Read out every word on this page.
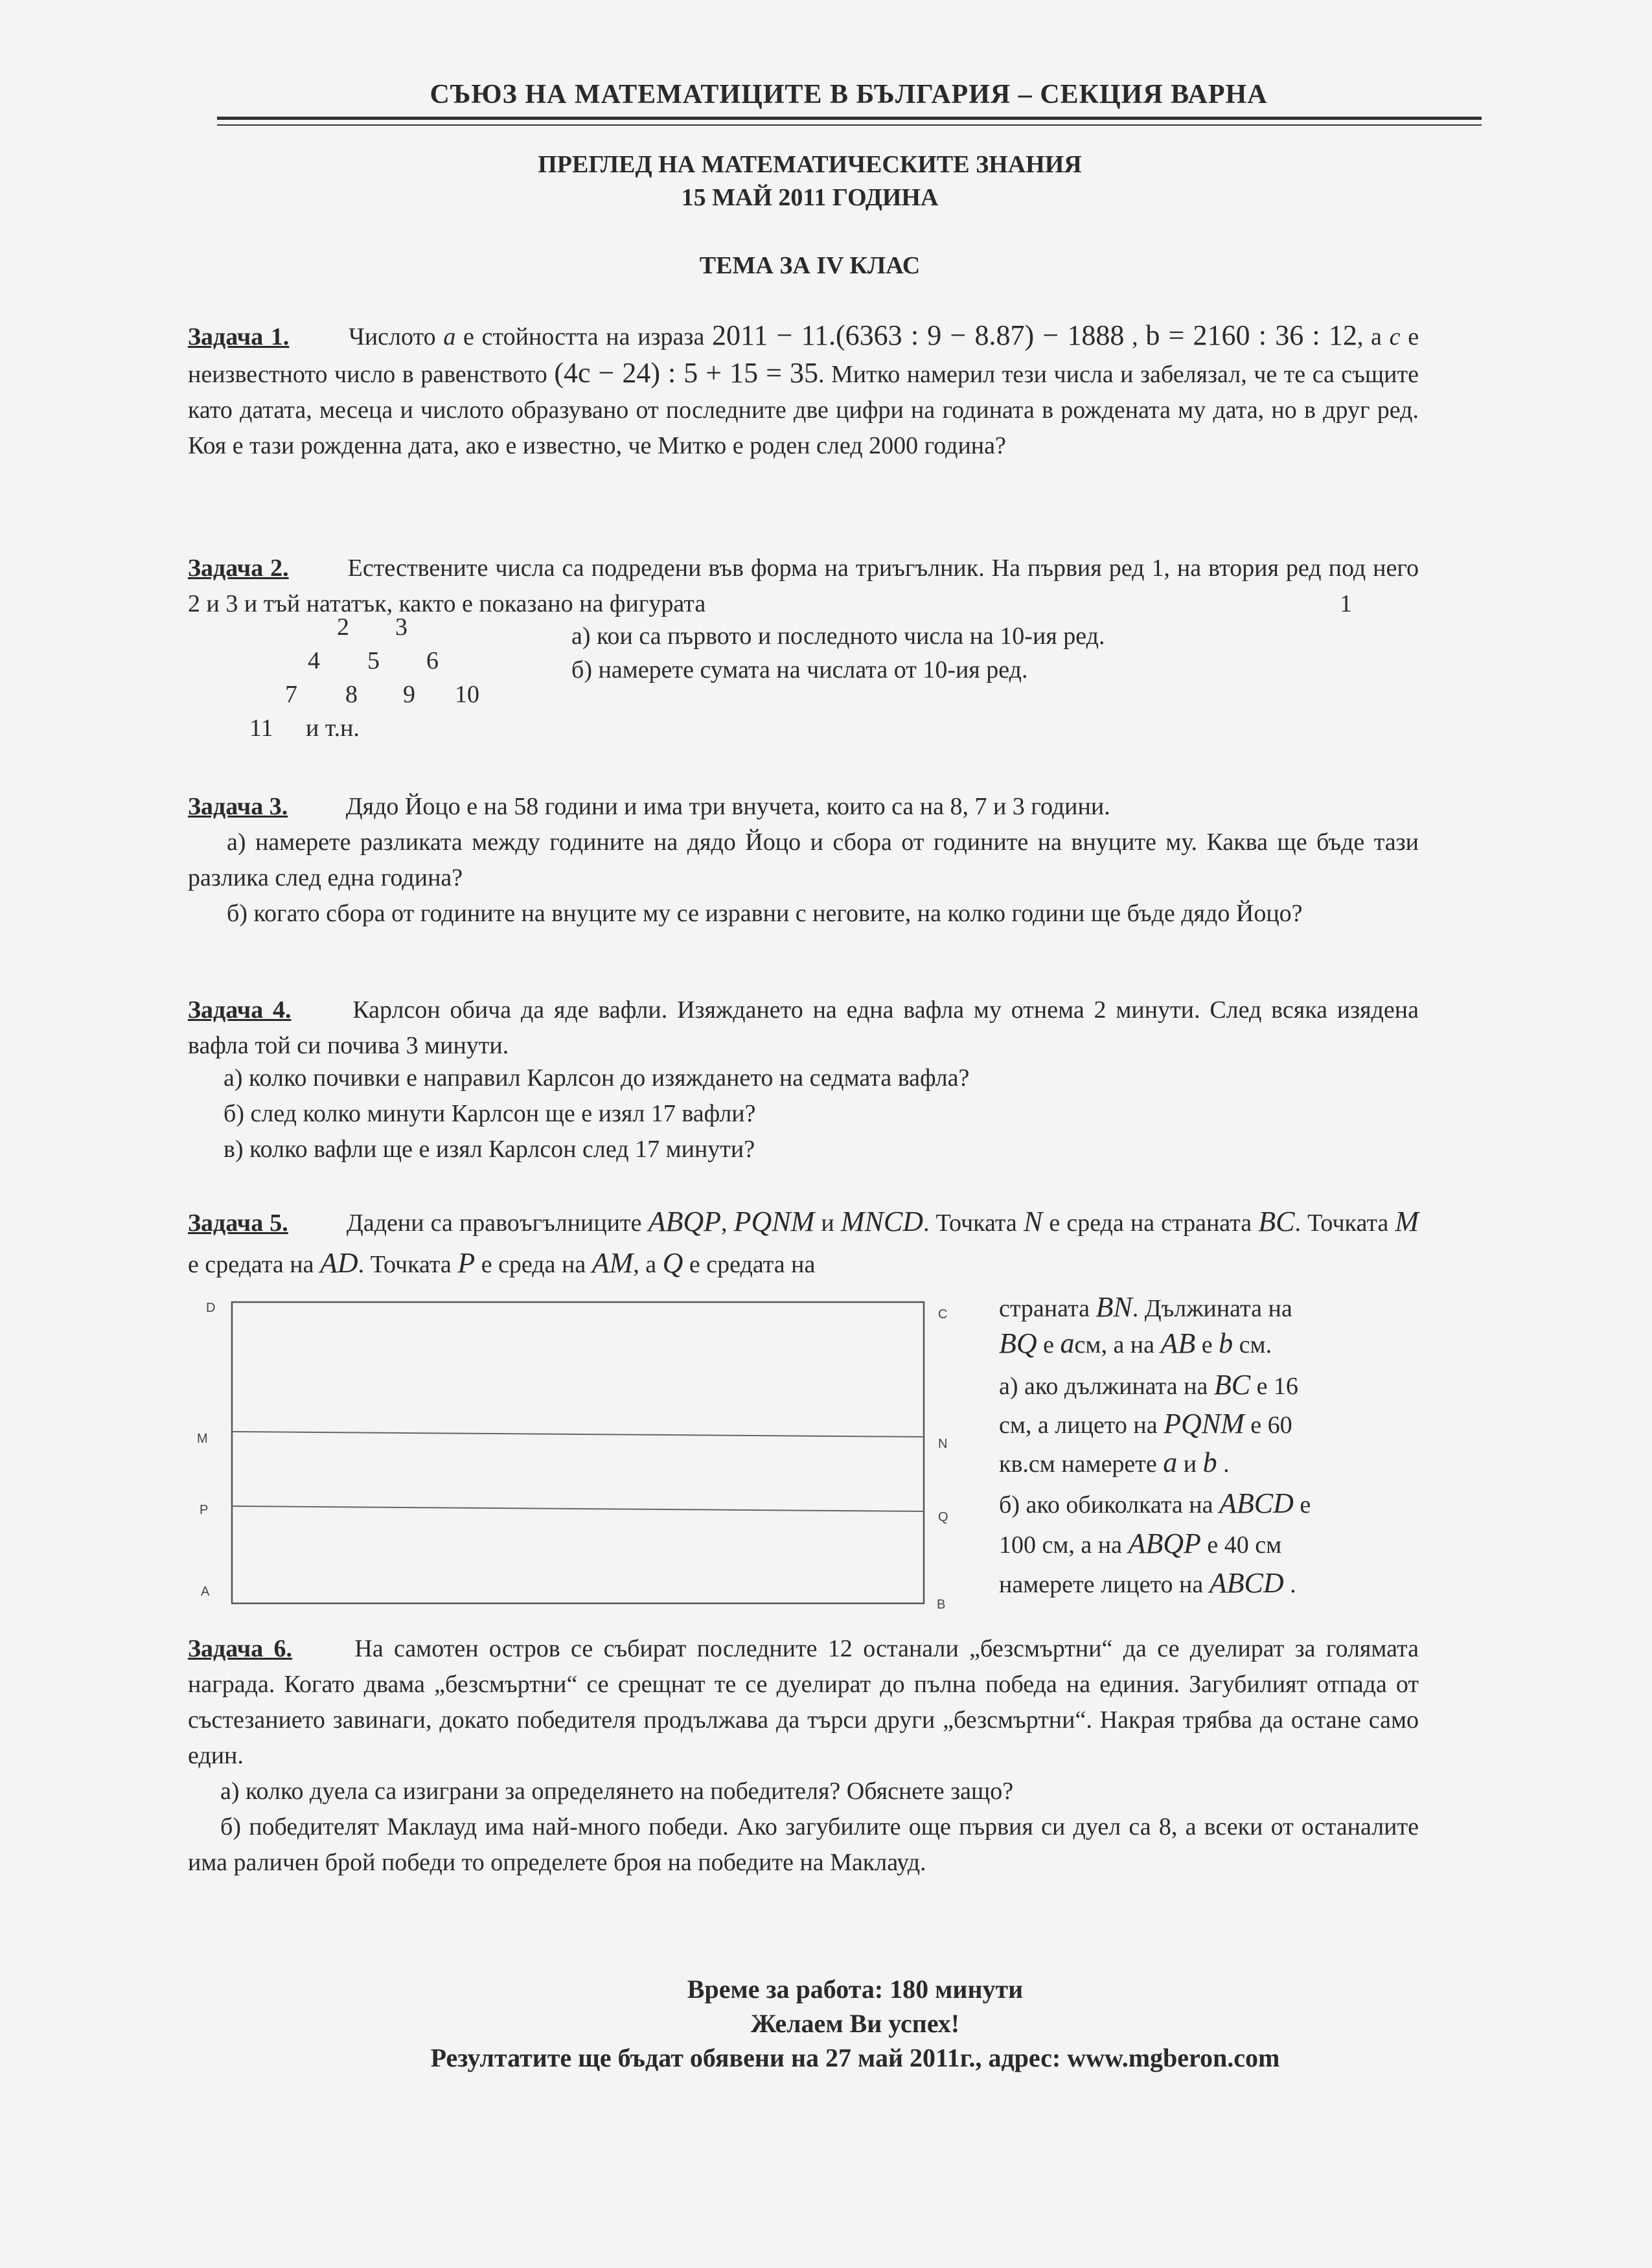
СЪЮЗ НА МАТЕМАТИЦИТЕ В БЪЛГАРИЯ – СЕКЦИЯ ВАРНА
ПРЕГЛЕД НА МАТЕМАТИЧЕСКИТЕ ЗНАНИЯ
15 МАЙ 2011 ГОДИНА
ТЕМА ЗА IV КЛАС
Задача 1. Числото a е стойността на израза 2011 − 11.(6363 : 9 − 8.87) − 1888 , b = 2160 : 36 : 12, а c е неизвестното число в равенството (4c − 24) : 5 + 15 = 35. Митко намерил тези числа и забелязал, че те са същите като датата, месеца и числото образувано от последните две цифри на годината в рождената му дата, но в друг ред. Коя е тази рожденна дата, ако е известно, че Митко е роден след 2000 година?
Задача 2. Естествените числа са подредени във форма на триъгълник. На първия ред 1, на втория ред под него 2 и 3 и тъй нататък, както е показано на фигурата	1
2 3
4 5 6
7 8 9 10
11 и т.н.
а) кои са първото и последното числа на 10-ия ред.
б) намерете сумата на числата от 10-ия ред.
Задача 3. Дядо Йоцо е на 58 години и има три внучета, които са на 8, 7 и 3 години.
а) намерете разликата между годините на дядо Йоцо и сбора от годините на внуците му. Каква ще бъде тази разлика след една година?
б) когато сбора от годините на внуците му се изравни с неговите, на колко години ще бъде дядо Йоцо?
Задача 4. Карлсон обича да яде вафли. Изяждането на една вафла му отнема 2 минути. След всяка изядена вафла той си почива 3 минути.
а) колко почивки е направил Карлсон до изяждането на седмата вафла?
б) след колко минути Карлсон ще е изял 17 вафли?
в) колко вафли ще е изял Карлсон след 17 минути?
Задача 5. Дадени са правоъгълниците ABQP, PQNM и MNCD. Точката N е среда на страната BC. Точката M е средата на AD. Точката P е среда на AM, а Q е средата на
страната BN. Дължината на
BQ е aсм, а на AB е b см.
а) ако дължината на BC е 16
см, а лицето на PQNM е 60
кв.см намерете a и b .
б) ако обиколката на ABCD е
100 см, а на ABQP е 40 см
намерете лицето на ABCD .
D	C
M	N
P	Q
A
B
Задача 6.	На самотен остров се събират последните 12 останали „безсмъртни“ да се дуелират за голямата награда. Когато двама „безсмъртни“ се срещнат те се дуелират до пълна победа на единия. Загубилият отпада от състезанието завинаги, докато победителя продължава да търси други „безсмъртни“. Накрая трябва да остане само един.
а) колко дуела са изиграни за определянето на победителя? Обяснете защо?
б) победителят Маклауд има най-много победи. Ако загубилите още първия си дуел са 8, а всеки от останалите има раличен брой победи то определете броя на победите на Маклауд.
Време за работа: 180 минути
Желаем Ви успех!
Резултатите ще бъдат обявени на 27 май 2011г., адрес: www.mgberon.com
